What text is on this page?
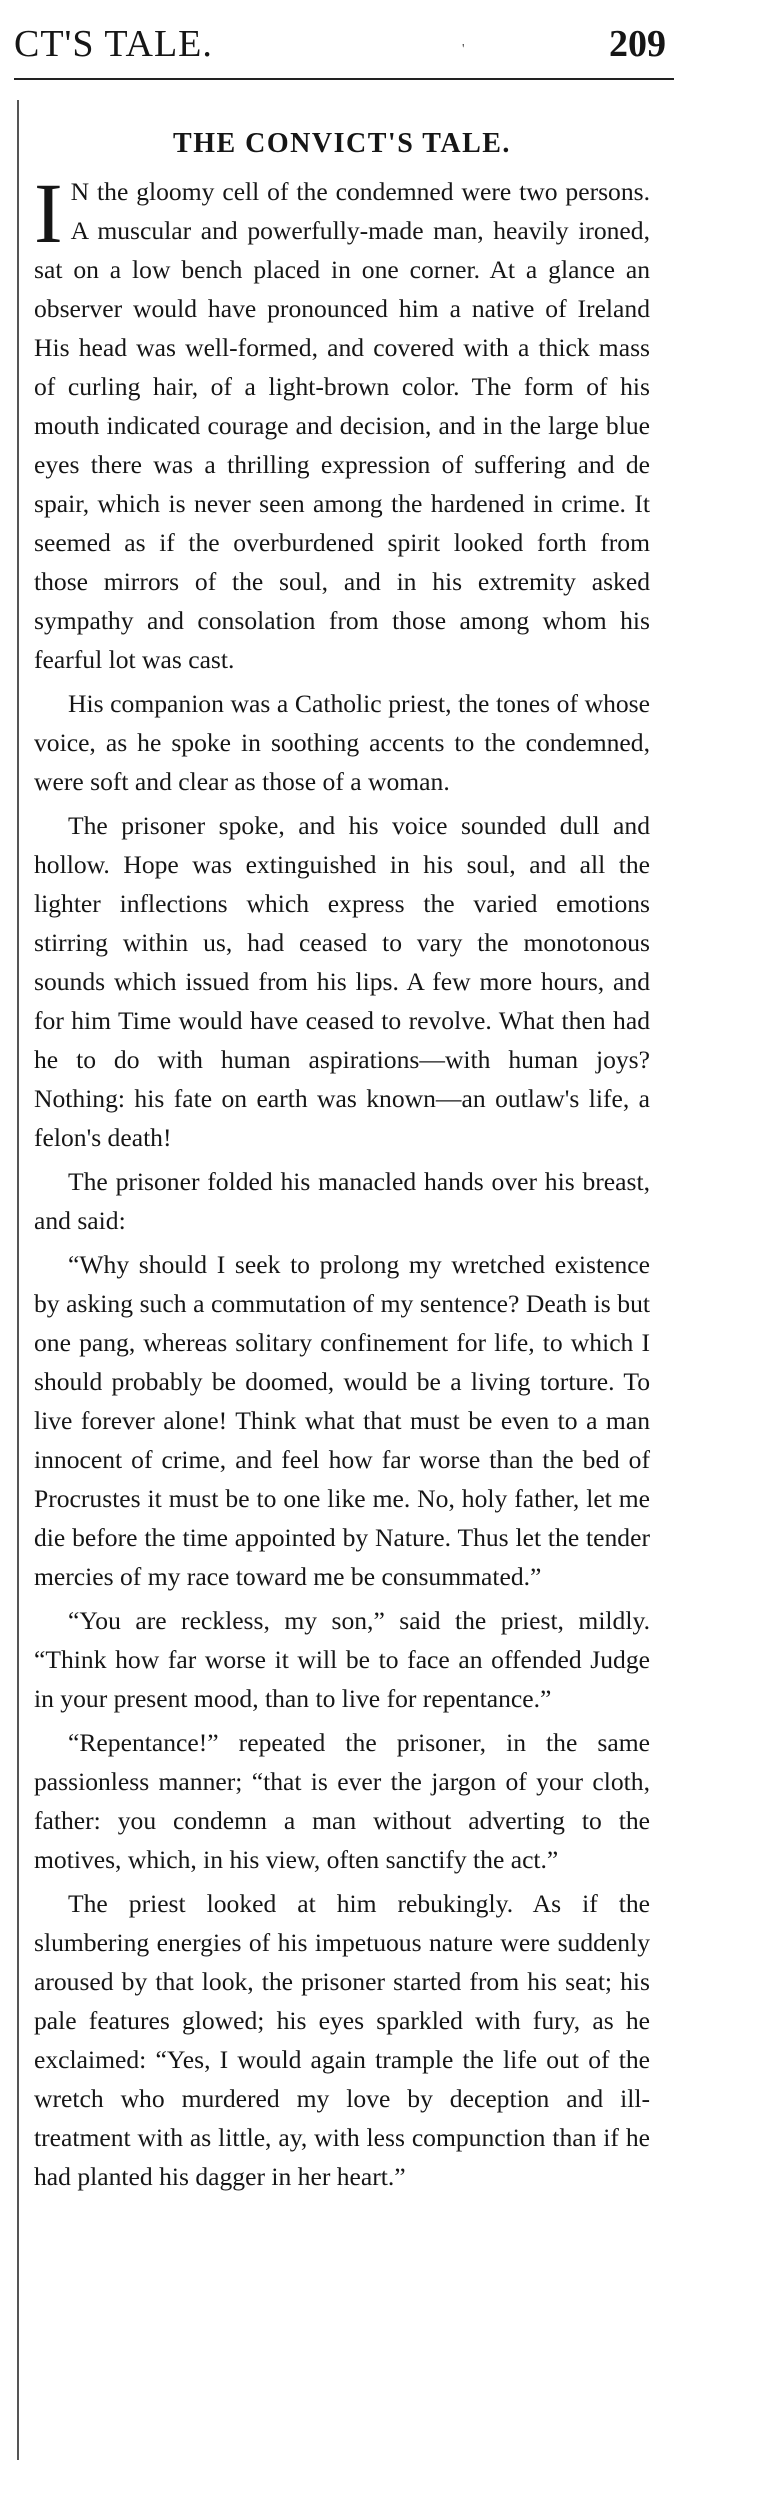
CT'S TALE.	209
'
THE CONVICT'S TALE.

I N the gloomy cell of the condemned were two persons. A muscular and powerfully-made man, heavily ironed, sat on a low bench placed in one corner. At a glance an observer would have pronounced him a native of Ireland His head was well-formed, and covered with a thick mass of curling hair, of a light-brown color. The form of his mouth indicated courage and decision, and in the large blue eyes there was a thrilling expression of suffering and de spair, which is never seen among the hardened in crime. It seemed as if the overburdened spirit looked forth from those mirrors of the soul, and in his extremity asked sympathy and consolation from those among whom his fearful lot was cast.

His companion was a Catholic priest, the tones of whose voice, as he spoke in soothing accents to the condemned, were soft and clear as those of a woman.

The prisoner spoke, and his voice sounded dull and hollow. Hope was extinguished in his soul, and all the lighter inflections which express the varied emotions stirring within us, had ceased to vary the monotonous sounds which issued from his lips. A few more hours, and for him Time would have ceased to revolve. What then had he to do with human aspirations—with human joys? Nothing: his fate on earth was known—an outlaw's life, a felon's death!

The prisoner folded his manacled hands over his breast, and said:

“Why should I seek to prolong my wretched existence by asking such a commutation of my sentence? Death is but one pang, whereas solitary confinement for life, to which I should probably be doomed, would be a living torture. To live forever alone! Think what that must be even to a man innocent of crime, and feel how far worse than the bed of Procrustes it must be to one like me. No, holy father, let me die before the time appointed by Nature. Thus let the tender mercies of my race toward me be consummated.”

“You are reckless, my son,” said the priest, mildly. “Think how far worse it will be to face an offended Judge in your present mood, than to live for repentance.”

“Repentance!” repeated the prisoner, in the same passionless manner; “that is ever the jargon of your cloth, father: you condemn a man without adverting to the motives, which, in his view, often sanctify the act.”

The priest looked at him rebukingly. As if the slumbering energies of his impetuous nature were suddenly aroused by that look, the prisoner started from his seat; his pale features glowed; his eyes sparkled with fury, as he exclaimed: “Yes, I would again trample the life out of the wretch who murdered my love by deception and ill-treatment with as little, ay, with less compunction than if he had planted his dagger in her heart.”
